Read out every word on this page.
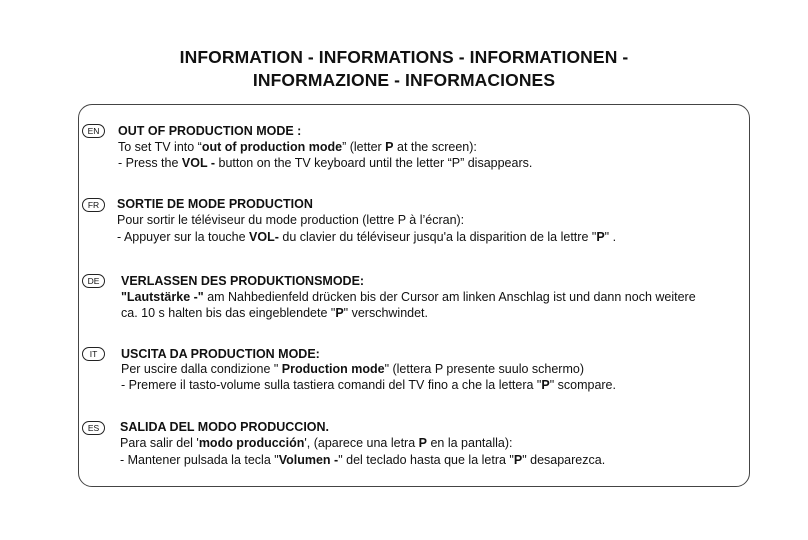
INFORMATION - INFORMATIONS - INFORMATIONEN -
INFORMAZIONE - INFORMACIONES
EN	OUT OF PRODUCTION MODE :
To set TV into “out of production mode” (letter P at the screen):
- Press the VOL - button on the TV keyboard until the letter “P” disappears.
FR	SORTIE DE MODE PRODUCTION
Pour sortir le téléviseur du mode production (lettre P à l’écran):
- Appuyer sur la touche VOL- du clavier du téléviseur jusqu'a la disparition de la lettre "P" .
DE	VERLASSEN DES PRODUKTIONSMODE:
"Lautstärke -" am Nahbedienfeld drücken bis der Cursor am linken Anschlag ist und dann noch weitere
ca. 10 s halten bis das eingeblendete "P" verschwindet.
IT	USCITA DA PRODUCTION MODE:
Per uscire dalla condizione " Production mode" (lettera P presente suulo schermo)
- Premere il tasto-volume sulla tastiera comandi del TV fino a che la lettera "P" scompare.
ES	SALIDA DEL MODO PRODUCCION.
Para salir del 'modo producción', (aparece una letra P en la pantalla):
- Mantener pulsada la tecla "Volumen -" del teclado hasta que la letra "P" desaparezca.
